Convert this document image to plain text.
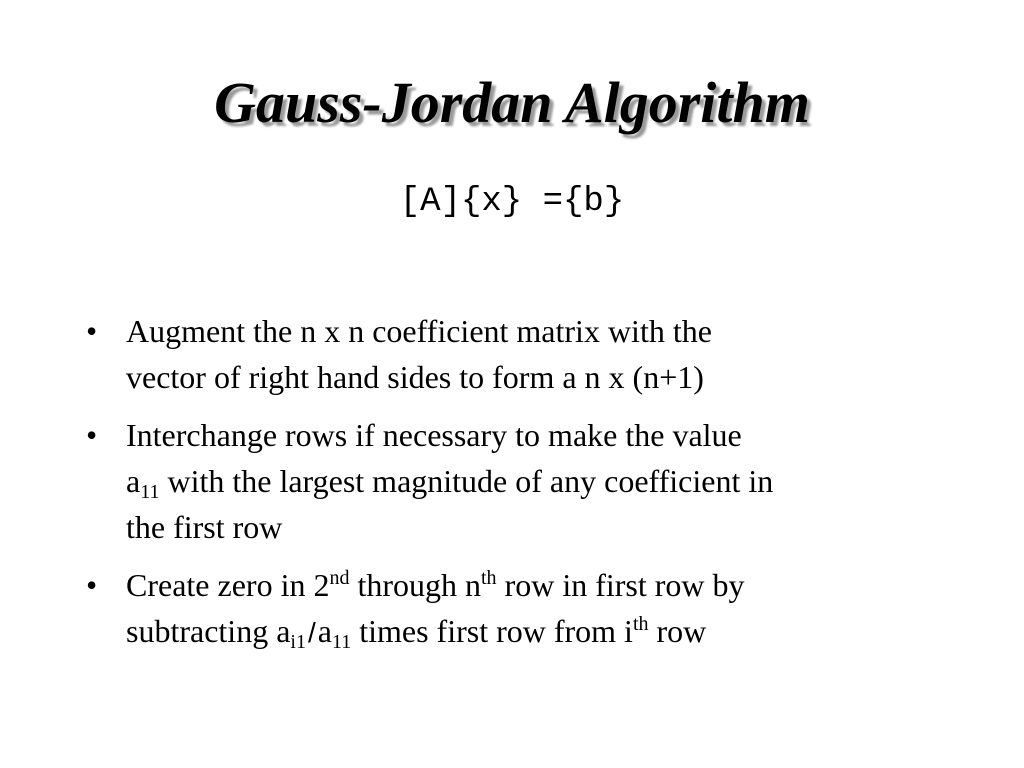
Gauss-Jordan Algorithm
[A]{x} ={b}
• Augment the n x n coefficient matrix with the
vector of right hand sides to form a n x (n+1)
• Interchange rows if necessary to make the value
$a_{11}$ with the largest magnitude of any coefficient in
the first row
• Create zero in 2nd through $n^{th}$ row in first row by
subtracting $a_{i1}/a_{11}$ times first row from $i^{th}$ row
